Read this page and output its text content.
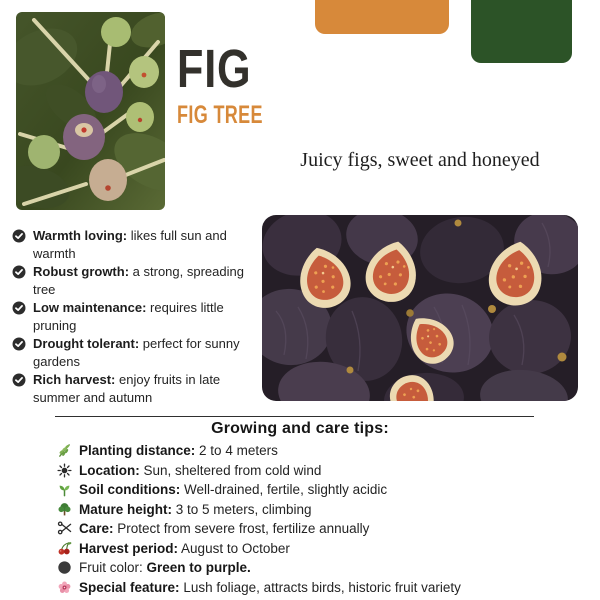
FIG
FIG TREE
Juicy figs, sweet and honeyed

Warmth loving: likes full sun and warmth

Robust growth: a strong, spreading tree

Low maintenance: requires little pruning

Drought tolerant: perfect for sunny gardens

Rich harvest: enjoy fruits in late summer and autumn

Growing and care tips:

Planting distance: 2 to 4 meters

Location: Sun, sheltered from cold wind

Soil conditions: Well-drained, fertile, slightly acidic

Mature height: 3 to 5 meters, climbing

Care: Protect from severe frost, fertilize annually

Harvest period: August to October

Fruit color: Green to purple.

Special feature: Lush foliage, attracts birds, historic fruit variety
